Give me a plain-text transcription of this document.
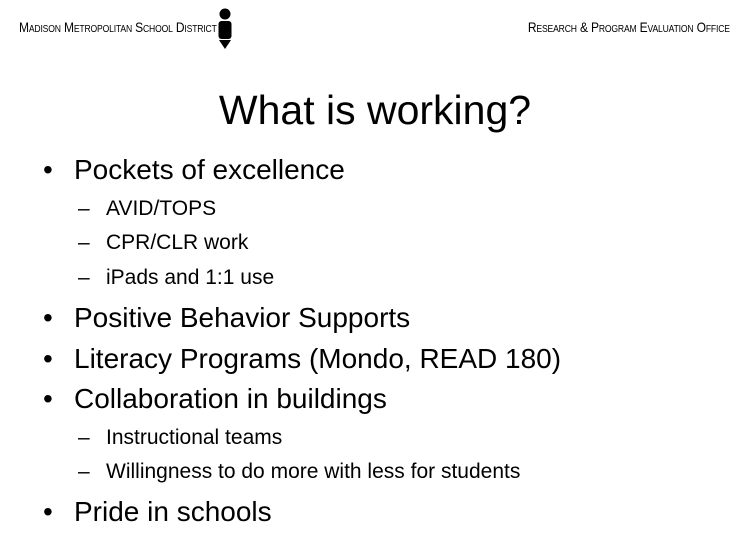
Madison Metropolitan School District	Research & Program Evaluation Office
What is working?
• Pockets of excellence
– AVID/TOPS
– CPR/CLR work
– iPads and 1:1 use
• Positive Behavior Supports
• Literacy Programs (Mondo, READ 180)
• Collaboration in buildings
– Instructional teams
– Willingness to do more with less for students
• Pride in schools
